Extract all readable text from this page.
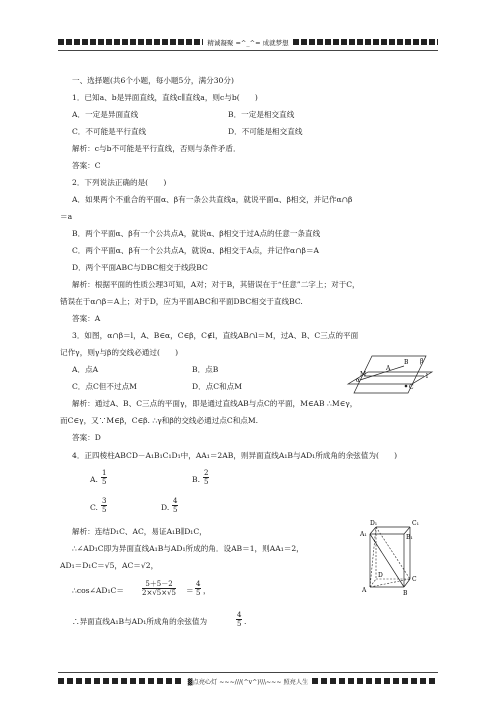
精诚凝聚 =^_^= 成就梦想
一、选择题(共6个小题，每小题5分，满分30分)
1．已知a、b是异面直线，直线c∥直线a，则c与b(　　)
A．一定是异面直线	B．一定是相交直线
C．不可能是平行直线	D．不可能是相交直线
解析：c与b不可能是平行直线，否则与条件矛盾．
答案：C
2．下列说法正确的是(　　)
A．如果两个不重合的平面α、β有一条公共直线a，就说平面α、β相交，并记作α∩β
＝a
B．两个平面α、β有一个公共点A，就说α、β相交于过A点的任意一条直线
C．两个平面α、β有一个公共点A，就说α、β相交于A点，并记作α∩β＝A
D．两个平面ABC与DBC相交于线段BC
解析：根据平面的性质公理3可知，A对；对于B，其错误在于“任意”二字上；对于C，
错误在于α∩β＝A上；对于D，应为平面ABC和平面DBC相交于直线BC.
答案：A
3．如图，α∩β＝l，A、B∈α，C∈β，C∉l，直线AB∩l＝M，过A、B、C三点的平面
记作γ，则γ与β的交线必通过(　　)
A．点A	B．点B
C．点C但不过点M	D．点C和点M
解析：通过A、B、C三点的平面γ，即是通过直线AB与点C的平面，M∈AB ∴M∈γ，
而C∈γ，又∵M∈β，C∈β. ∴γ和β的交线必通过点C和点M.
答案：D
α
β
l
A
B
C
M
4．正四棱柱ABCD－A₁B₁C₁D₁中，AA₁＝2AB，则异面直线A₁B与AD₁所成角的余弦值为(　　)
A. $\frac{1}{5}$	B. $\frac{2}{5}$
C. $\frac{3}{5}$	D. $\frac{4}{5}$
解析：连结D₁C、AC，易证A₁B∥D₁C，
∴∠AD₁C即为异面直线A₁B与AD₁所成的角．设AB＝1，则AA₁＝2，
AD₁＝D₁C＝√5，AC＝√2，
∴cos∠AD₁C＝	$\frac{5+5-2}{2\times√5\times√5} = \frac{4}{5}$ ，
∴异面直线A₁B与AD₁所成角的余弦值为	$\frac{4}{5}$ .
D₁	C₁
A₁	B₁
A	B
C
D
▓点亮心灯 ~~~///(^v^)\\\~~~ 照亮人生
